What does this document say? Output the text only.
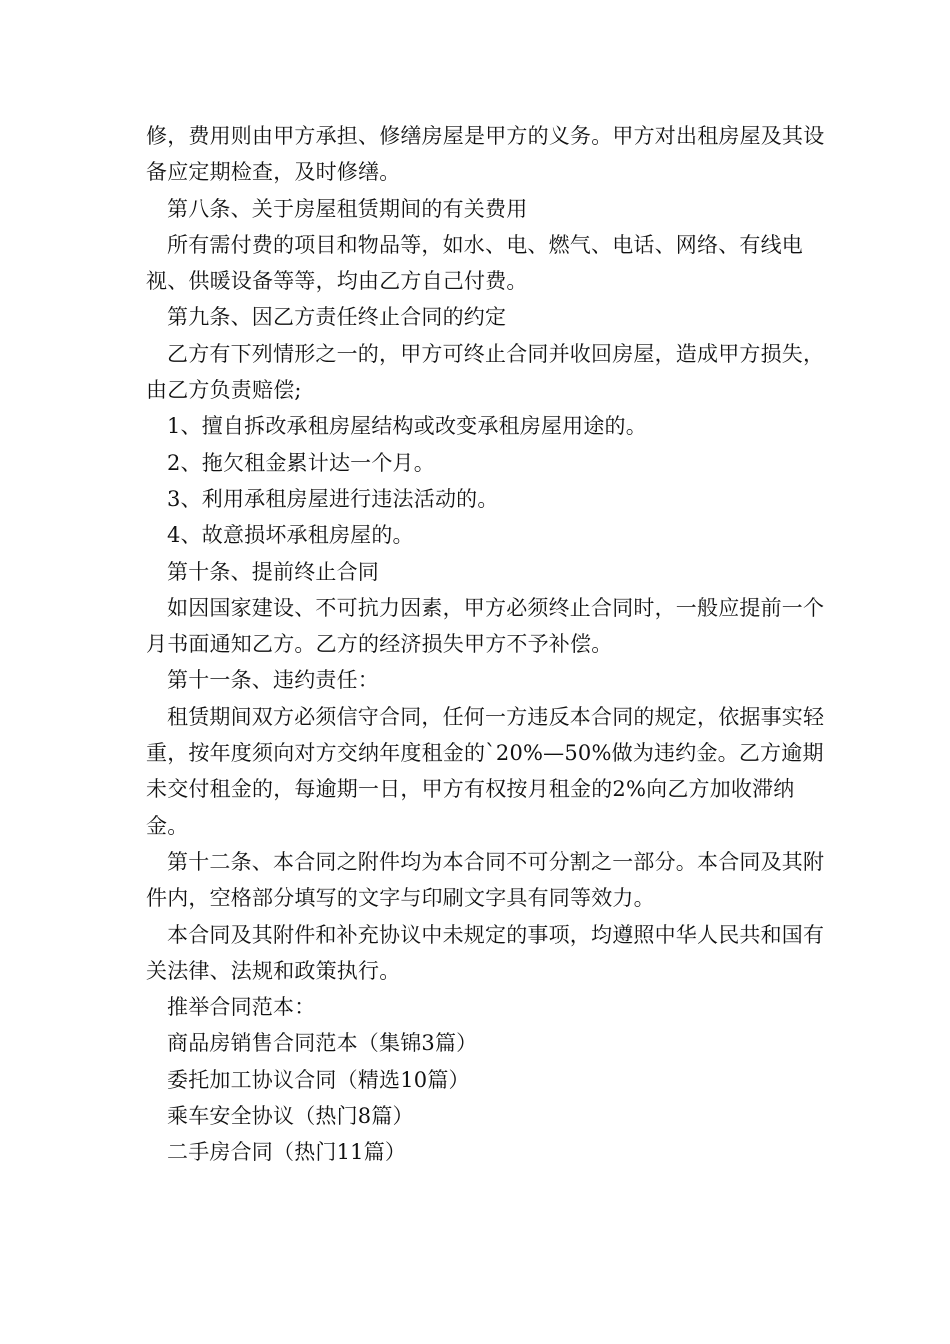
修，费用则由甲方承担、修缮房屋是甲方的义务。甲方对出租房屋及其设备应定期检查，及时修缮。

第八条、关于房屋租赁期间的有关费用

所有需付费的项目和物品等，如水、电、燃气、电话、网络、有线电视、供暖设备等等，均由乙方自己付费。

第九条、因乙方责任终止合同的约定

乙方有下列情形之一的，甲方可终止合同并收回房屋，造成甲方损失，由乙方负责赔偿;

1、擅自拆改承租房屋结构或改变承租房屋用途的。

2、拖欠租金累计达一个月。

3、利用承租房屋进行违法活动的。

4、故意损坏承租房屋的。

第十条、提前终止合同

如因国家建设、不可抗力因素，甲方必须终止合同时，一般应提前一个月书面通知乙方。乙方的经济损失甲方不予补偿。

第十一条、违约责任：

租赁期间双方必须信守合同，任何一方违反本合同的规定，依据事实轻重，按年度须向对方交纳年度租金的`20%—50%做为违约金。乙方逾期未交付租金的，每逾期一日，甲方有权按月租金的2%向乙方加收滞纳金。

第十二条、本合同之附件均为本合同不可分割之一部分。本合同及其附件内，空格部分填写的文字与印刷文字具有同等效力。

本合同及其附件和补充协议中未规定的事项，均遵照中华人民共和国有关法律、法规和政策执行。

推举合同范本：

商品房销售合同范本（集锦3篇）

委托加工协议合同（精选10篇）

乘车安全协议（热门8篇）

二手房合同（热门11篇）
